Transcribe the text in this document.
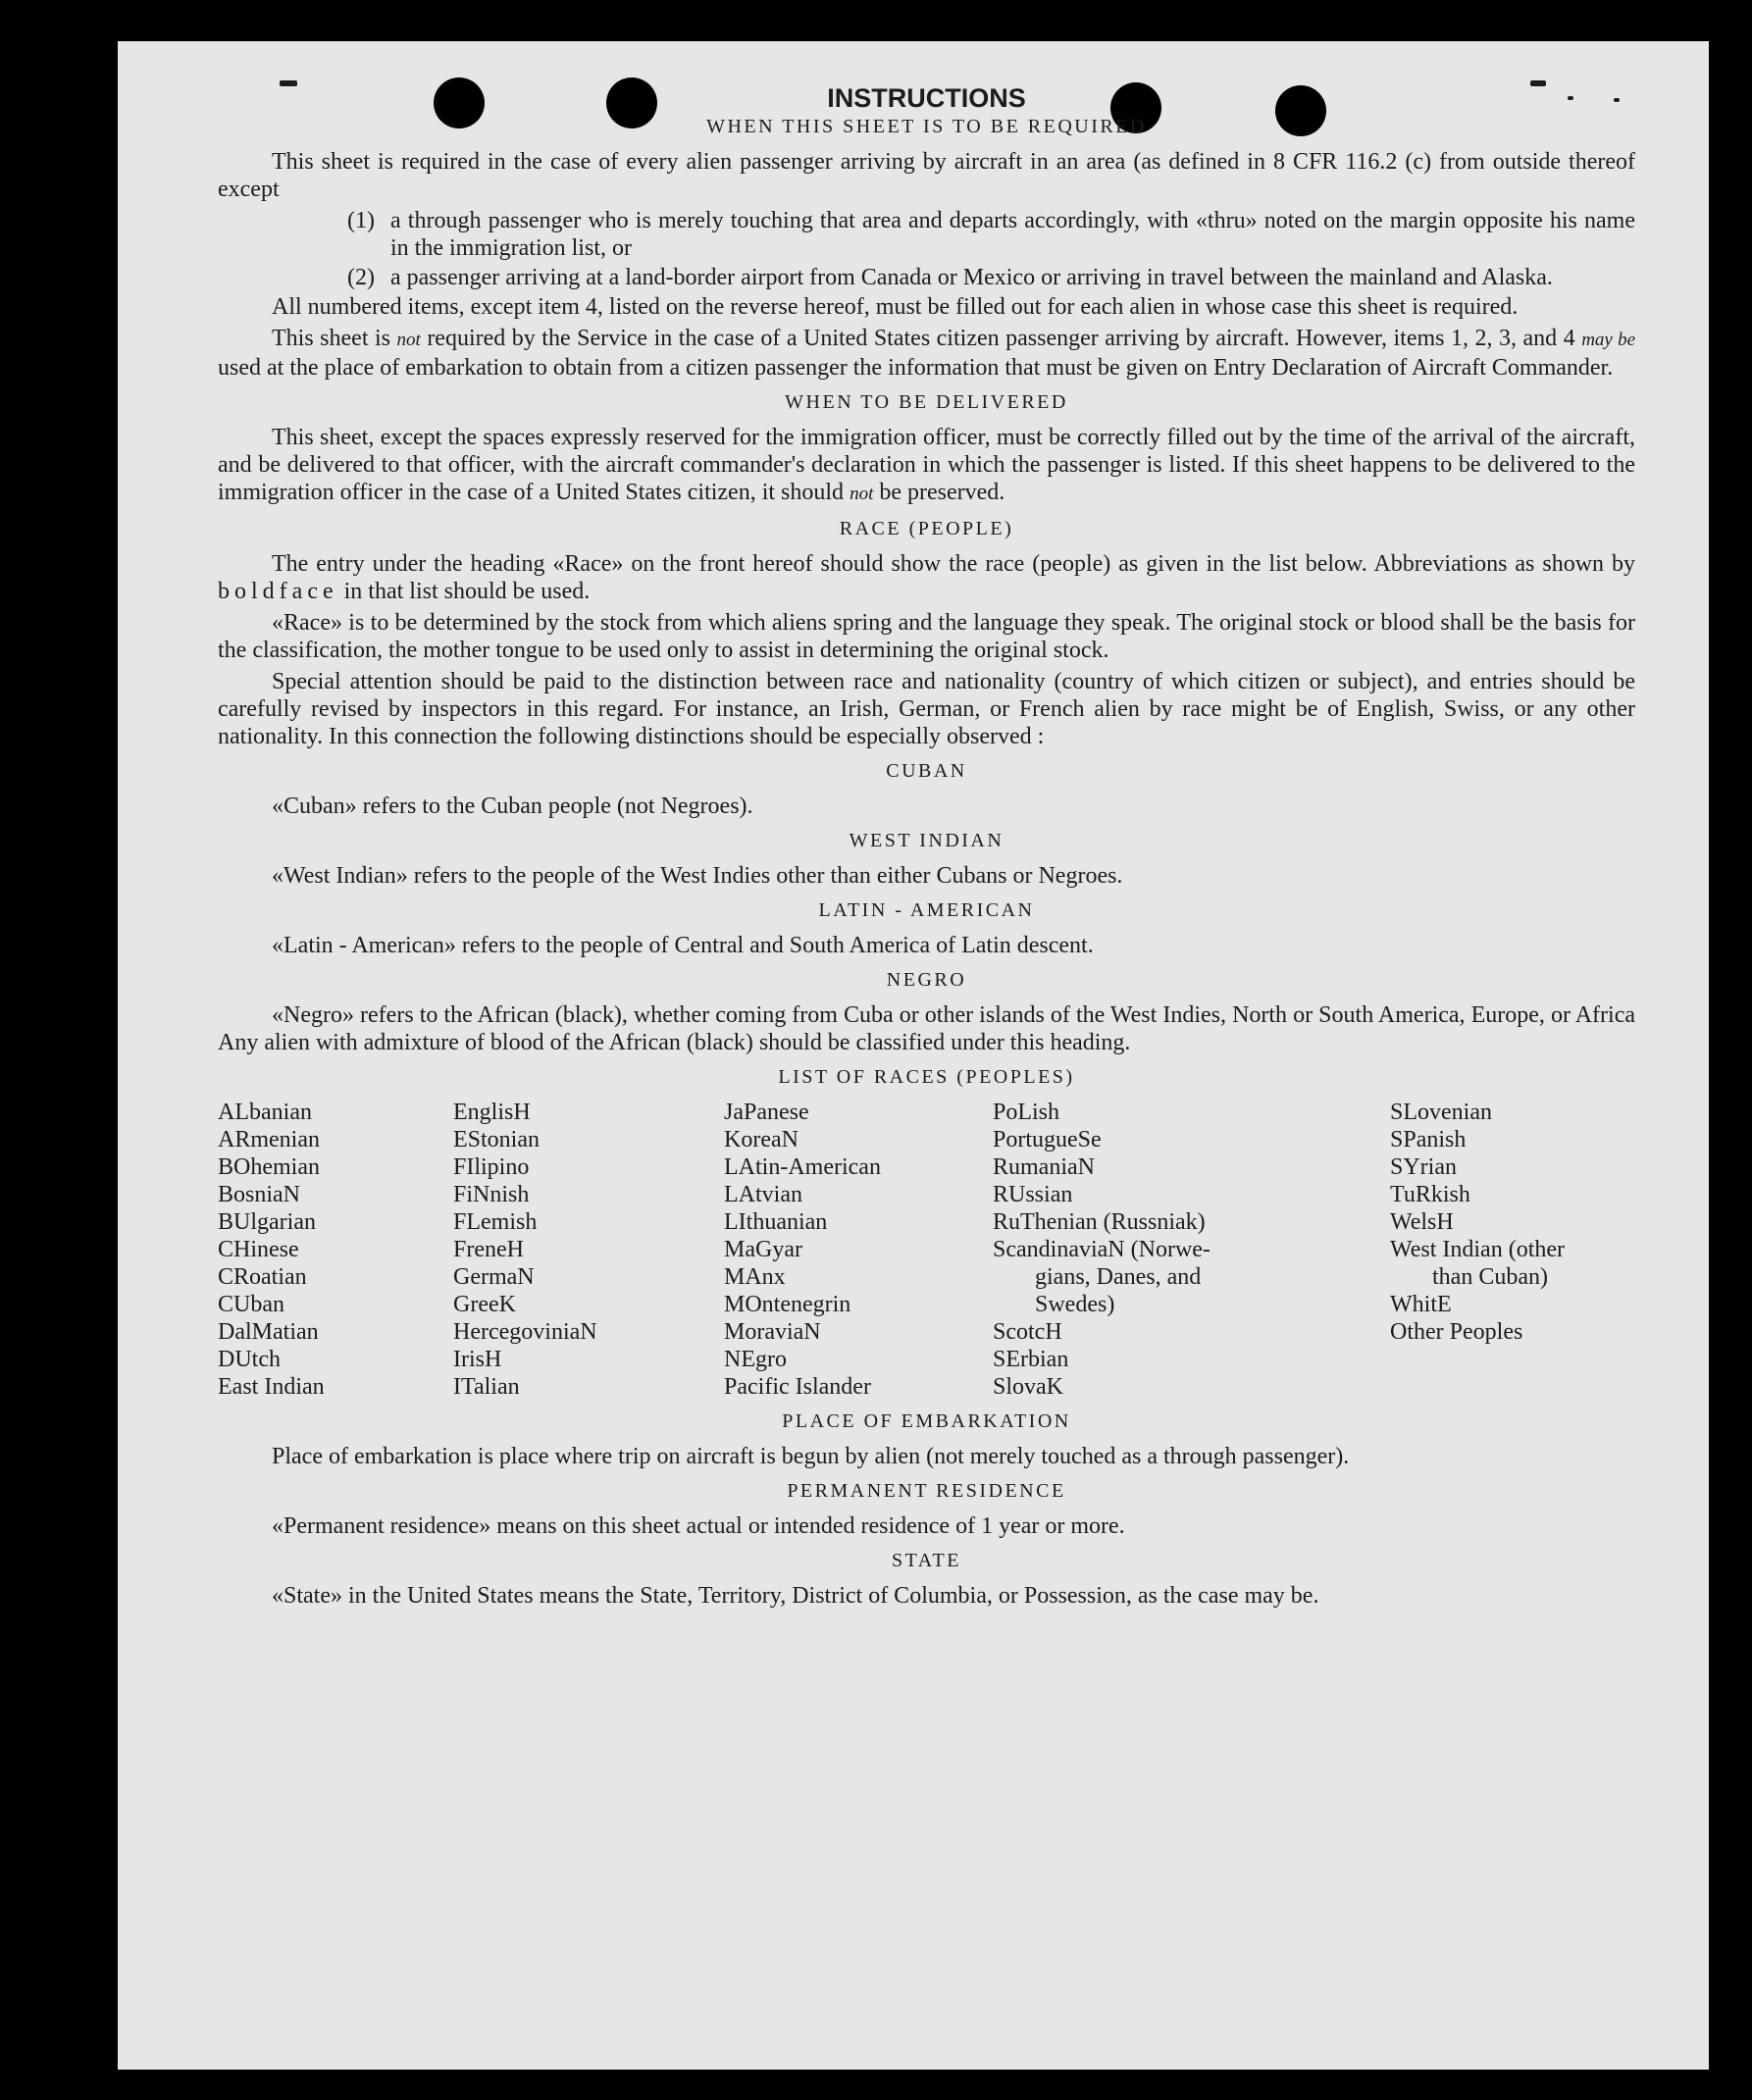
INSTRUCTIONS
WHEN THIS SHEET IS TO BE REQUIRED

This sheet is required in the case of every alien passenger arriving by aircraft in an area (as defined in 8 CFR 116.2 (c) from outside thereof except

(1) a through passenger who is merely touching that area and departs accordingly, with «thru» noted on the margin opposite his name in the immigration list, or
(2) a passenger arriving at a land-border airport from Canada or Mexico or arriving in travel between the mainland and Alaska.

All numbered items, except item 4, listed on the reverse hereof, must be filled out for each alien in whose case this sheet is required.

This sheet is not required by the Service in the case of a United States citizen passenger arriving by aircraft. However, items 1, 2, 3, and 4 may be used at the place of embarkation to obtain from a citizen passenger the information that must be given on Entry Declaration of Aircraft Commander.

WHEN TO BE DELIVERED

This sheet, except the spaces expressly reserved for the immigration officer, must be correctly filled out by the time of the arrival of the aircraft, and be delivered to that officer, with the aircraft commander's declaration in which the passenger is listed. If this sheet happens to be delivered to the immigration officer in the case of a United States citizen, it should not be preserved.

RACE (PEOPLE)

The entry under the heading «Race» on the front hereof should show the race (people) as given in the list below. Abbreviations as shown by boldface in that list should be used.

«Race» is to be determined by the stock from which aliens spring and the language they speak. The original stock or blood shall be the basis for the classification, the mother tongue to be used only to assist in determining the original stock.

Special attention should be paid to the distinction between race and nationality (country of which citizen or subject), and entries should be carefully revised by inspectors in this regard. For instance, an Irish, German, or French alien by race might be of English, Swiss, or any other nationality. In this connection the following distinctions should be especially observed :

CUBAN

«Cuban» refers to the Cuban people (not Negroes).

WEST INDIAN

«West Indian» refers to the people of the West Indies other than either Cubans or Negroes.

LATIN - AMERICAN

«Latin - American» refers to the people of Central and South America of Latin descent.

NEGRO

«Negro» refers to the African (black), whether coming from Cuba or other islands of the West Indies, North or South America, Europe, or Africa Any alien with admixture of blood of the African (black) should be classified under this heading.

LIST OF RACES (PEOPLES)
ALbanian
ARmenian
BOhemian
BosniaN
BUlgarian
CHinese
CRoatian
CUban
DalMatian
DUtch
East Indian
EnglisH
EStonian
FIlipino
FiNnish
FLemish
FreneH
GermaN
GreeK
HercegovinіaN
IrisH
ITalian
JaPanese
KoreaN
LAtin-American
LAtvian
LIthuanian
MaGyar
MAnx
MOntenegrin
MoraviaN
NEgro
Pacific Islander
PoLish
PortugueSe
RumaniaN
RUssian
RuThenian (Russniak)
ScandinaviaN (Norwe-
gians, Danes, and
Swedes)
ScotcH
SErbian
SlovaK
SLovenian
SPanish
SYrian
TuRkish
WelsH
West Indian (other
than Cuban)
WhitE
Other Peoples
PLACE OF EMBARKATION

Place of embarkation is place where trip on aircraft is begun by alien (not merely touched as a through passenger).

PERMANENT RESIDENCE

«Permanent residence» means on this sheet actual or intended residence of 1 year or more.

STATE

«State» in the United States means the State, Territory, District of Columbia, or Possession, as the case may be.
